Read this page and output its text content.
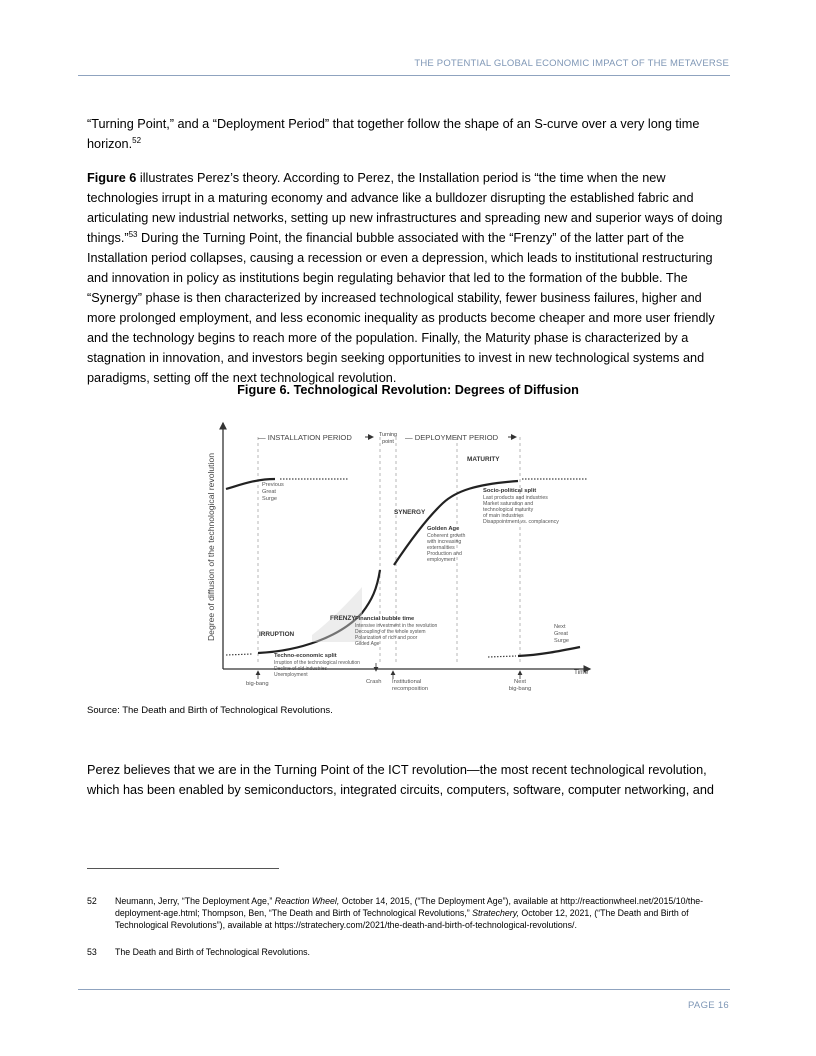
THE POTENTIAL GLOBAL ECONOMIC IMPACT OF THE METAVERSE
“Turning Point,” and a “Deployment Period” that together follow the shape of an S-curve over a very long time horizon.$^{52}$
Figure 6 illustrates Perez’s theory. According to Perez, the Installation period is “the time when the new technologies irrupt in a maturing economy and advance like a bulldozer disrupting the established fabric and articulating new industrial networks, setting up new infrastructures and spreading new and superior ways of doing things.”$^{53}$ During the Turning Point, the financial bubble associated with the “Frenzy” of the latter part of the Installation period collapses, causing a recession or even a depression, which leads to institutional restructuring and innovation in policy as institutions begin regulating behavior that led to the formation of the bubble. The “Synergy” phase is then characterized by increased technological stability, fewer business failures, higher and more prolonged employment, and less economic inequality as products become cheaper and more user friendly and the technology begins to reach more of the population. Finally, the Maturity phase is characterized by a stagnation in innovation, and investors begin seeking opportunities to invest in new technological systems and paradigms, setting off the next technological revolution.
Figure 6. Technological Revolution: Degrees of Diffusion
Degree of diffusion of the technological revolution
Time
— INSTALLATION PERIOD	Turning
point — DEPLOYMENT PERIOD
MATURITY
Previous
Great
Surge
Socio-political split
Last products and industries
Market saturation and
technological maturity
of main industries
Disappointment vs. complacency
SYNERGY
Golden Age
Coherent growth
with increasing
externalities
Production and
employment
FRENZY Financial bubble time
Intensive investment in the revolution
Decoupling of the whole system
Polarization of rich and poor
Gilded Age
IRRUPTION
Techno-economic split
Irruption of the technological revolution
Decline of old industries
Unemployment
Next
Great
Surge
big-bang	Crash Institutional
recomposition
Next
big-bang
Source: The Death and Birth of Technological Revolutions.
Perez believes that we are in the Turning Point of the ICT revolution—the most recent technological revolution, which has been enabled by semiconductors, integrated circuits, computers, software, computer networking, and
52 Neumann, Jerry, “The Deployment Age,” Reaction Wheel, October 14, 2015, (“The Deployment Age”), available at http://reactionwheel.net/2015/10/the-deployment-age.html; Thompson, Ben, “The Death and Birth of Technological Revolutions,” Stratechery, October 12, 2021, (“The Death and Birth of Technological Revolutions”), available at https://stratechery.com/2021/the-death-and-birth-of-technological-revolutions/.
53 The Death and Birth of Technological Revolutions.
PAGE 16
